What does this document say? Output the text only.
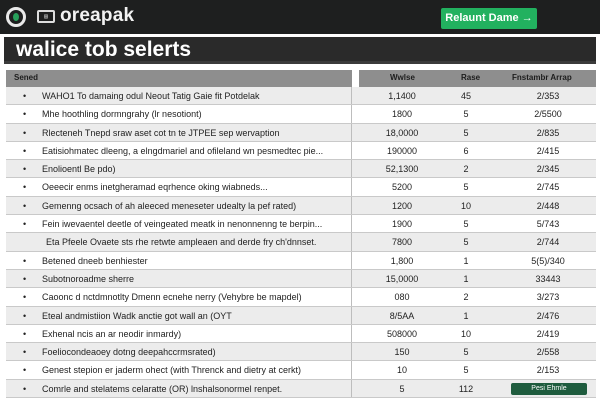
▤ oreapak	Relaunt Dame →
walice tob selerts
Sened	Wwlse	Rase	Fnstambr Arrap
• WAHO1 To damaing odul Neout Tatig Gaie fit Potdelak	1,1400	45	2/353
• Mhe hoothling dormngrahy (lr nesotiont)	1800	5	2/5500
• Rlecteneh Tnepd sraw aset cot tn te JTPEE sep wervaption	18,0000	5	2/835
• Eatisiohmatec dleeng, a elngdmariel and ofileland wn pesmedtec pie...	190000	6	2/415
• Enolioentl Be pdo)	52,1300	2	2/345
• Oeeecir enms inetgheramad eqrhence oking wiabneds...	5200	5	2/745
• Gemenng ocsach of ah aleeced meneseter udealty la pef rated)	1200	10	2/448
• Fein iwevaentel deetle of veingeated meatk in nenonnenng te berpin...	1900	5	5/743
Eta Pfeele Ovaete sts rhe retwte ampleaen and derde fry ch'dnnset.	7800	5	2/744
• Betened dneeb benhiester	1,800	1	5(5)/340
• Subotnoroadme sherre	15,0000	1	33443
• Caoonc d nctdmnotlty Dmenn ecnehe nerry (Vehybre be mapdel)	080	2	3/273
• Eteal andmistiion Wadk anctie got wall an (OYT	8/5AA	1	2/476
• Exhenal ncis an ar neodir inmardy)	508000	10	2/419
• Foeliocondeaoey dotng deepahccrmsrated)	150	5	2/558
• Genest stepion er jaderm ohect (with Threnck and dietry at cerkt)	10	5	2/153
• Comrle and stelatems celaratte (OR) lnshalsonormel renpet.	5	112	Pesi Ehmle
